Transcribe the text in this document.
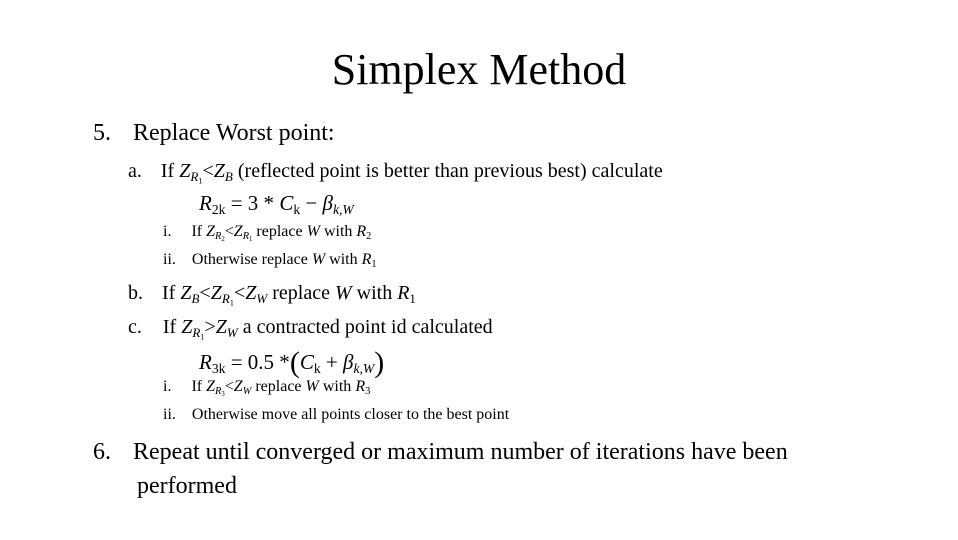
Simplex Method
5. Replace Worst point:
a. If $Z_{R_1}<Z_B$ (reflected point is better than previous best) calculate
$R_{2k} = 3 * C_k - \beta_{k,W}$
i. If $Z_{R_2}<Z_{R_1}$ replace W with $R_2$
ii. Otherwise replace W with $R_1$
b. If $Z_B<Z_{R_1}<Z_W$ replace W with $R_1$
c. If $Z_{R_1}>Z_W$ a contracted point id calculated
$R_{3k} = 0.5$ $*(C_k + \beta_{k,W})$
i. If $Z_{R_3}<Z_W$ replace W with $R_3$
ii. Otherwise move all points closer to the best point
6. Repeat until converged or maximum number of iterations have been
performed
